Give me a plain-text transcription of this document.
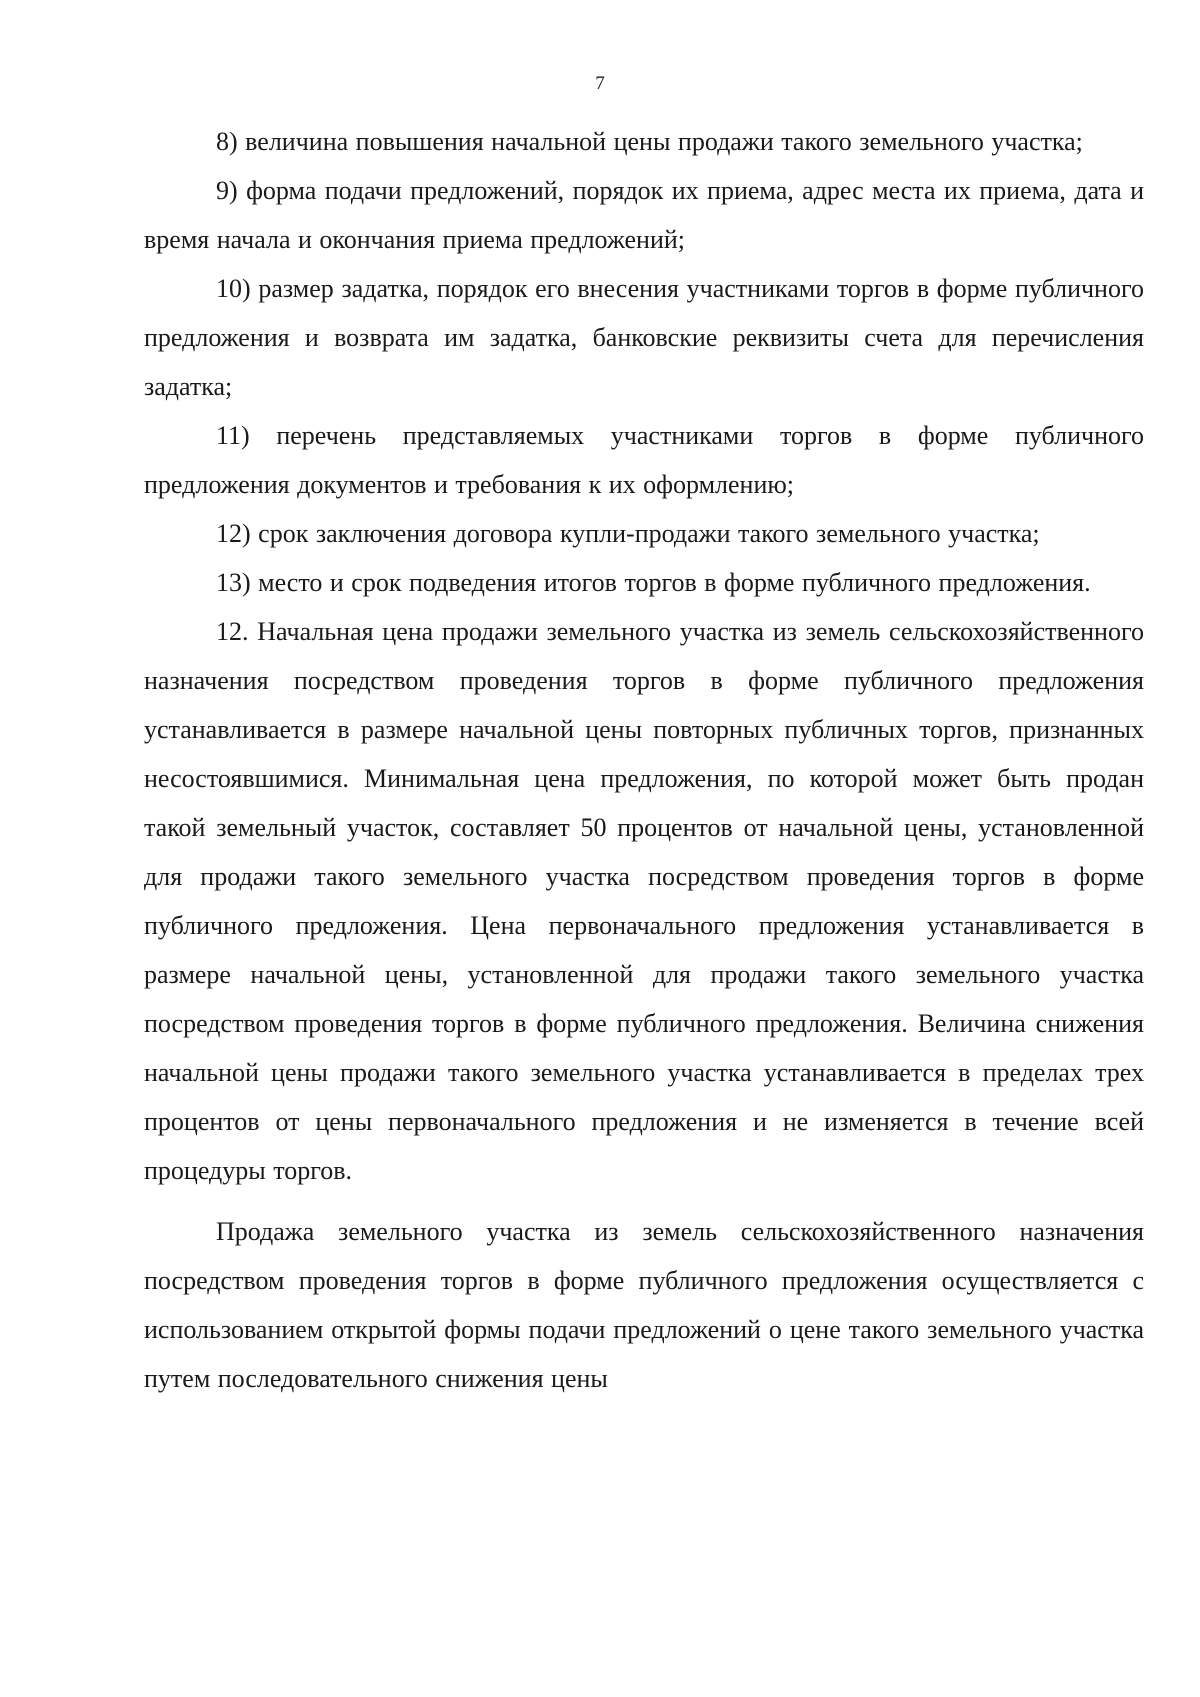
7

8) величина повышения начальной цены продажи такого земельного участка;

9) форма подачи предложений, порядок их приема, адрес места их приема, дата и время начала и окончания приема предложений;

10) размер задатка, порядок его внесения участниками торгов в форме публичного предложения и возврата им задатка, банковские реквизиты счета для перечисления задатка;

11) перечень представляемых участниками торгов в форме публичного предложения документов и требования к их оформлению;

12) срок заключения договора купли-продажи такого земельного участка;

13) место и срок подведения итогов торгов в форме публичного предложения.

12. Начальная цена продажи земельного участка из земель сельскохозяйственного назначения посредством проведения торгов в форме публичного предложения устанавливается в размере начальной цены повторных публичных торгов, признанных несостоявшимися. Минимальная цена предложения, по которой может быть продан такой земельный участок, составляет 50 процентов от начальной цены, установленной для продажи такого земельного участка посредством проведения торгов в форме публичного предложения. Цена первоначального предложения устанавливается в размере начальной цены, установленной для продажи такого земельного участка посредством проведения торгов в форме публичного предложения. Величина снижения начальной цены продажи такого земельного участка устанавливается в пределах трех процентов от цены первоначального предложения и не изменяется в течение всей процедуры торгов.

Продажа земельного участка из земель сельскохозяйственного назначения посредством проведения торгов в форме публичного предложения осуществляется с использованием открытой формы подачи предложений о цене такого земельного участка путем последовательного снижения цены
